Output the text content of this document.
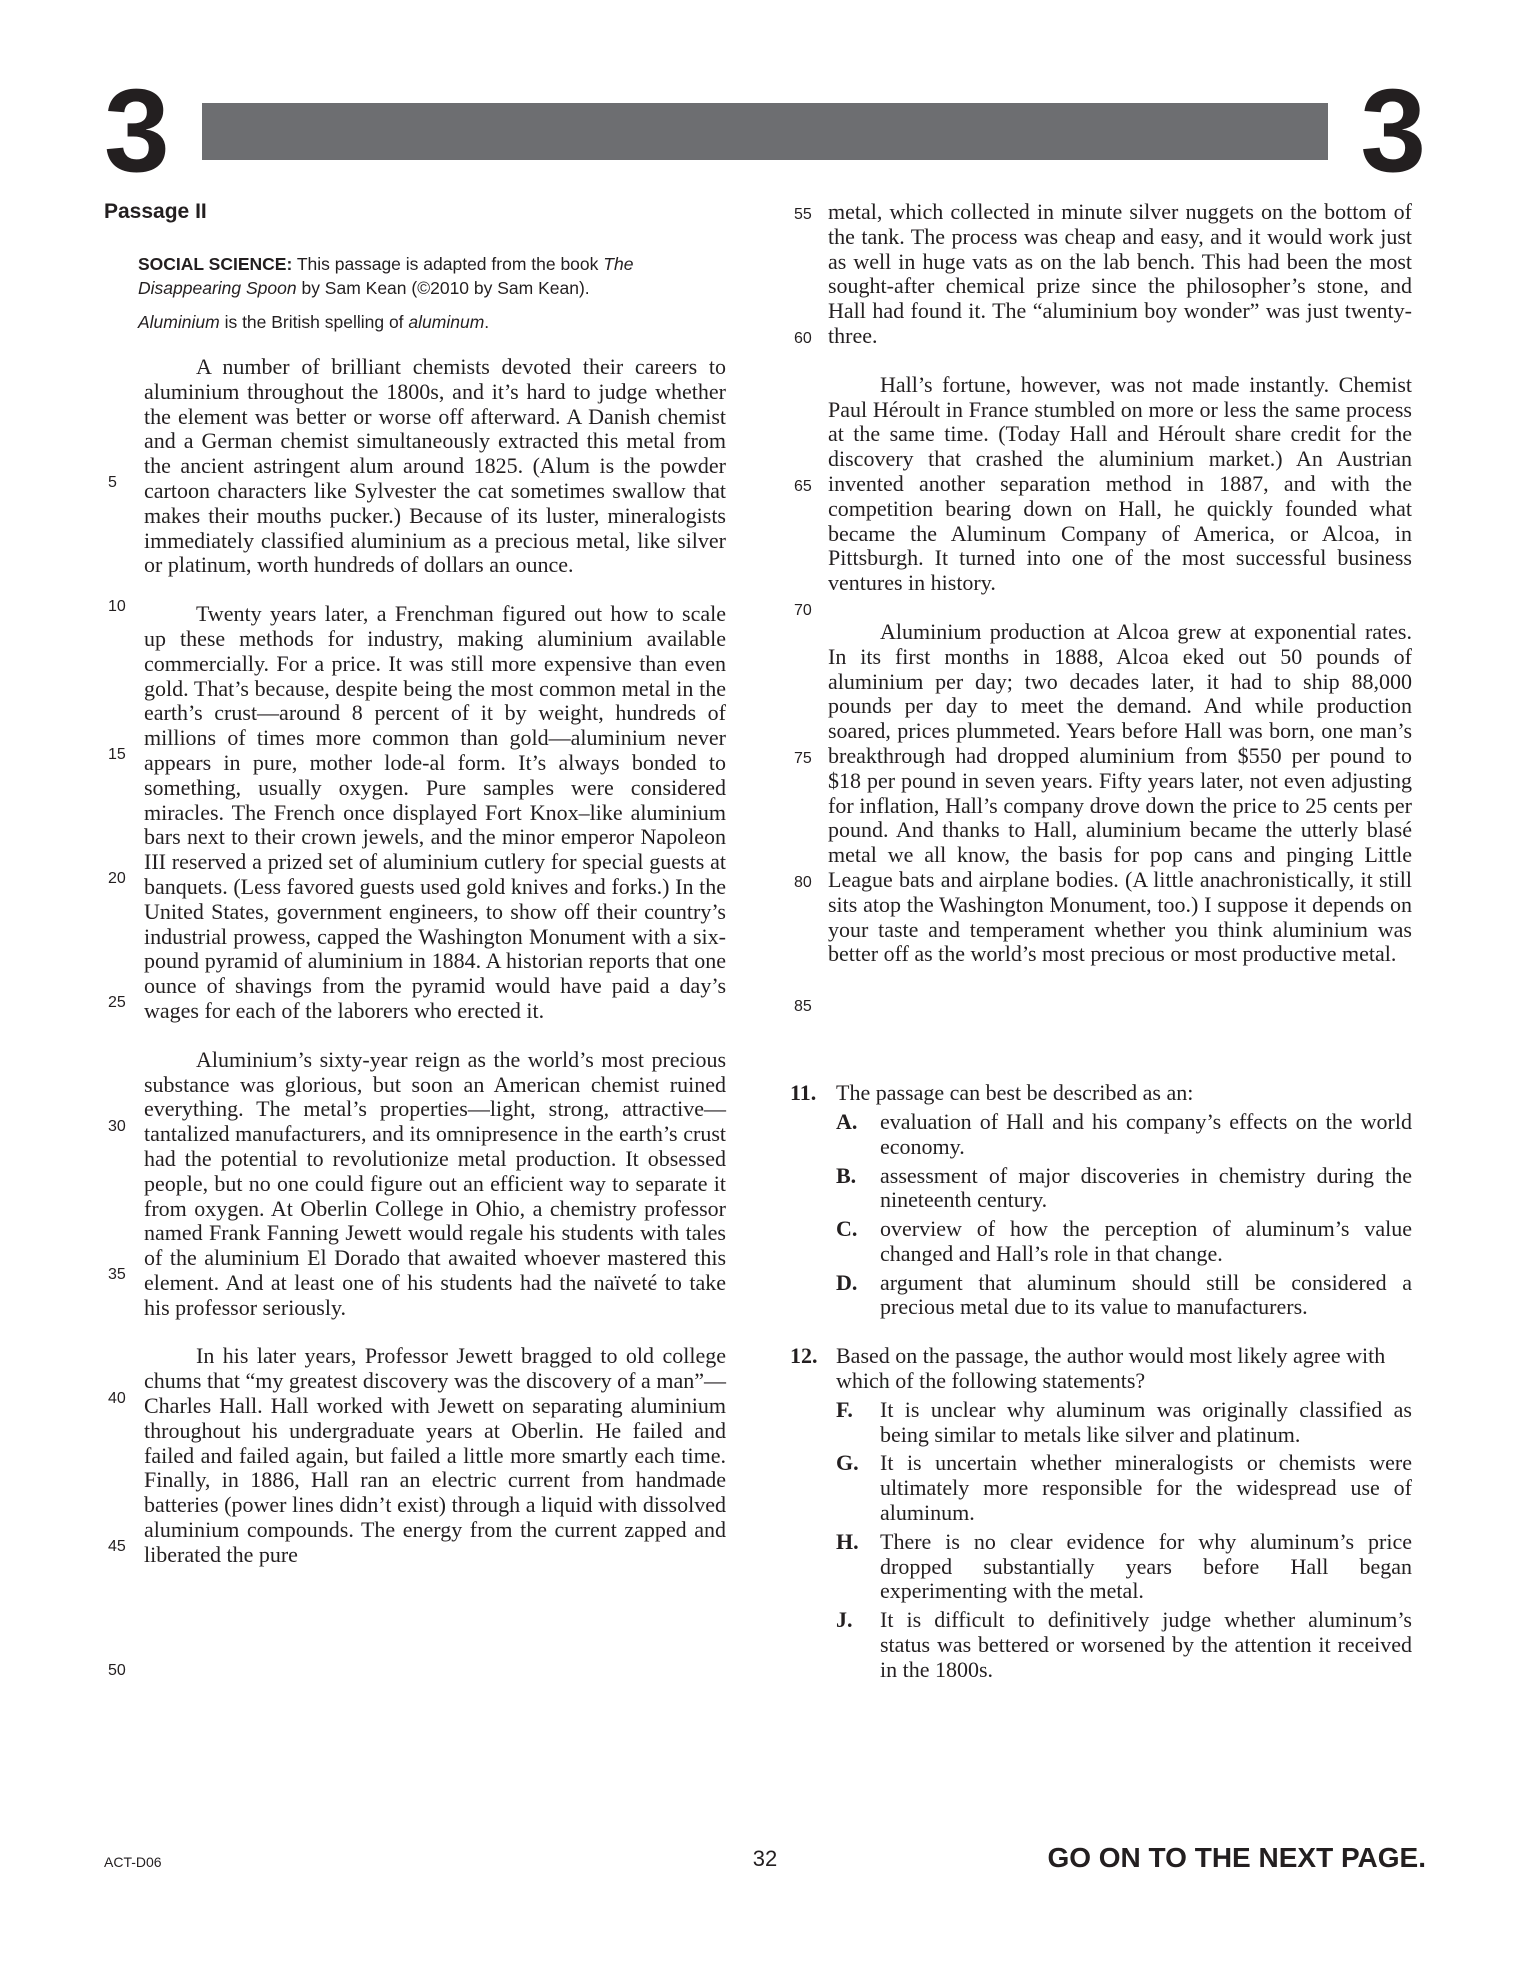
3	3
Passage II
SOCIAL SCIENCE: This passage is adapted from the book The Disappearing Spoon by Sam Kean (©2010 by Sam Kean).
Aluminium is the British spelling of aluminum.

A number of brilliant chemists devoted their careers to aluminium throughout the 1800s, and it’s hard to judge whether the element was better or worse off afterward. A Danish chemist and a German chemist simultaneously extracted this metal from the ancient astringent alum around 1825. (Alum is the powder cartoon characters like Sylvester the cat sometimes swallow that makes their mouths pucker.) Because of its luster, mineralogists immediately classified aluminium as a precious metal, like silver or platinum, worth hundreds of dollars an ounce.

Twenty years later, a Frenchman figured out how to scale up these methods for industry, making aluminium available commercially. For a price. It was still more expensive than even gold. That’s because, despite being the most common metal in the earth’s crust—around 8 percent of it by weight, hundreds of millions of times more common than gold—aluminium never appears in pure, mother lode-al form. It’s always bonded to something, usually oxygen. Pure samples were considered miracles. The French once displayed Fort Knox–like aluminium bars next to their crown jewels, and the minor emperor Napoleon III reserved a prized set of aluminium cutlery for special guests at banquets. (Less favored guests used gold knives and forks.) In the United States, government engineers, to show off their country’s industrial prowess, capped the Washington Monument with a six-pound pyramid of aluminium in 1884. A historian reports that one ounce of shavings from the pyramid would have paid a day’s wages for each of the laborers who erected it.

Aluminium’s sixty-year reign as the world’s most precious substance was glorious, but soon an American chemist ruined everything. The metal’s properties—light, strong, attractive—tantalized manufacturers, and its omnipresence in the earth’s crust had the potential to revolutionize metal production. It obsessed people, but no one could figure out an efficient way to separate it from oxygen. At Oberlin College in Ohio, a chemistry professor named Frank Fanning Jewett would regale his students with tales of the aluminium El Dorado that awaited whoever mastered this element. And at least one of his students had the naïveté to take his professor seriously.

In his later years, Professor Jewett bragged to old college chums that “my greatest discovery was the discovery of a man”—Charles Hall. Hall worked with Jewett on separating aluminium throughout his undergraduate years at Oberlin. He failed and failed and failed again, but failed a little more smartly each time. Finally, in 1886, Hall ran an electric current from handmade batteries (power lines didn’t exist) through a liquid with dissolved aluminium compounds. The energy from the current zapped and liberated the pure

5
10
15
20
25
30
35
40
45
50

metal, which collected in minute silver nuggets on the bottom of the tank. The process was cheap and easy, and it would work just as well in huge vats as on the lab bench. This had been the most sought-after chemical prize since the philosopher’s stone, and Hall had found it. The “aluminium boy wonder” was just twenty-three.

Hall’s fortune, however, was not made instantly. Chemist Paul Héroult in France stumbled on more or less the same process at the same time. (Today Hall and Héroult share credit for the discovery that crashed the aluminium market.) An Austrian invented another separation method in 1887, and with the competition bearing down on Hall, he quickly founded what became the Aluminum Company of America, or Alcoa, in Pittsburgh. It turned into one of the most successful business ventures in history.

Aluminium production at Alcoa grew at exponential rates. In its first months in 1888, Alcoa eked out 50 pounds of aluminium per day; two decades later, it had to ship 88,000 pounds per day to meet the demand. And while production soared, prices plummeted. Years before Hall was born, one man’s breakthrough had dropped aluminium from $550 per pound to $18 per pound in seven years. Fifty years later, not even adjusting for inflation, Hall’s company drove down the price to 25 cents per pound. And thanks to Hall, aluminium became the utterly blasé metal we all know, the basis for pop cans and pinging Little League bats and airplane bodies. (A little anachronistically, it still sits atop the Washington Monument, too.) I suppose it depends on your taste and temperament whether you think aluminium was better off as the world’s most precious or most productive metal.

11. The passage can best be described as an:
A.	evaluation of Hall and his company’s effects on the world economy.
B.	assessment of major discoveries in chemistry during the nineteenth century.
C.	overview of how the perception of aluminum’s value changed and Hall’s role in that change.
D.	argument that aluminum should still be considered a precious metal due to its value to manufacturers.
12. Based on the passage, the author would most likely agree with which of the following statements?
F.	It is unclear why aluminum was originally classified as being similar to metals like silver and platinum.
G. It is uncertain whether mineralogists or chemists were ultimately more responsible for the widespread use of aluminum.
H. There is no clear evidence for why aluminum’s price dropped substantially years before Hall began experimenting with the metal.
J.	It is difficult to definitively judge whether aluminum’s status was bettered or worsened by the attention it received in the 1800s.
55
60
65
70
75
80
85
ACT-D06	32	GO ON TO THE NEXT PAGE.
